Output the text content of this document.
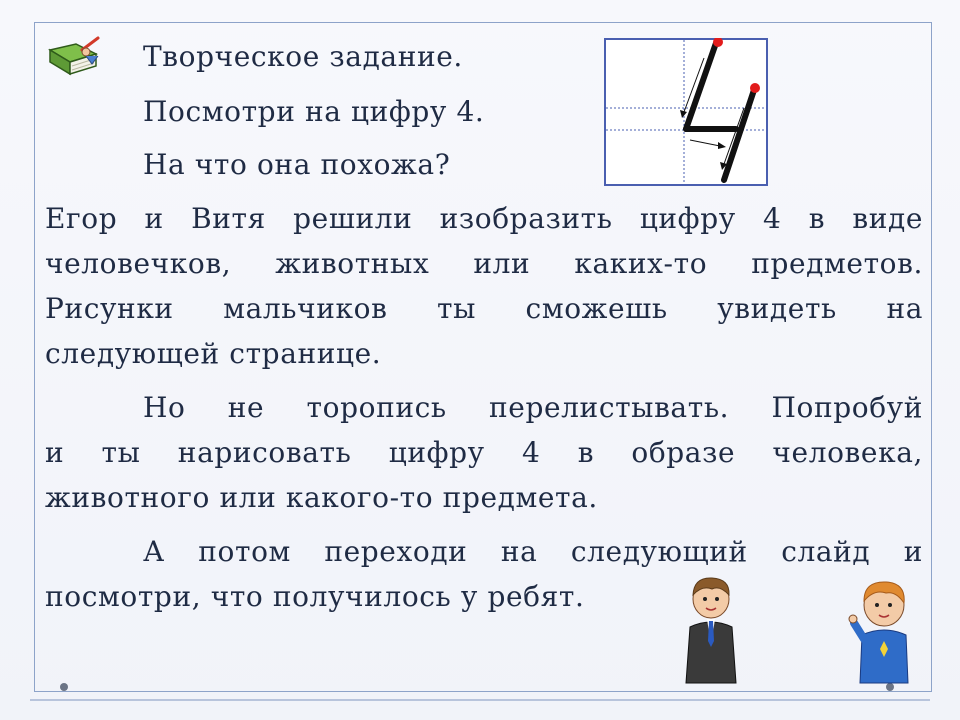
Творческое задание.
Посмотри на цифру 4.
На что она похожа?
Егор и Витя решили изобразить цифру 4 в виде
человечков, животных или каких-то предметов.
Рисунки мальчиков ты сможешь увидеть на
следующей странице.
Но не торопись перелистывать. Попробуй
и ты нарисовать цифру 4 в образе человека,
животного или какого-то предмета.
А потом переходи на следующий слайд и
посмотри, что получилось у ребят.
